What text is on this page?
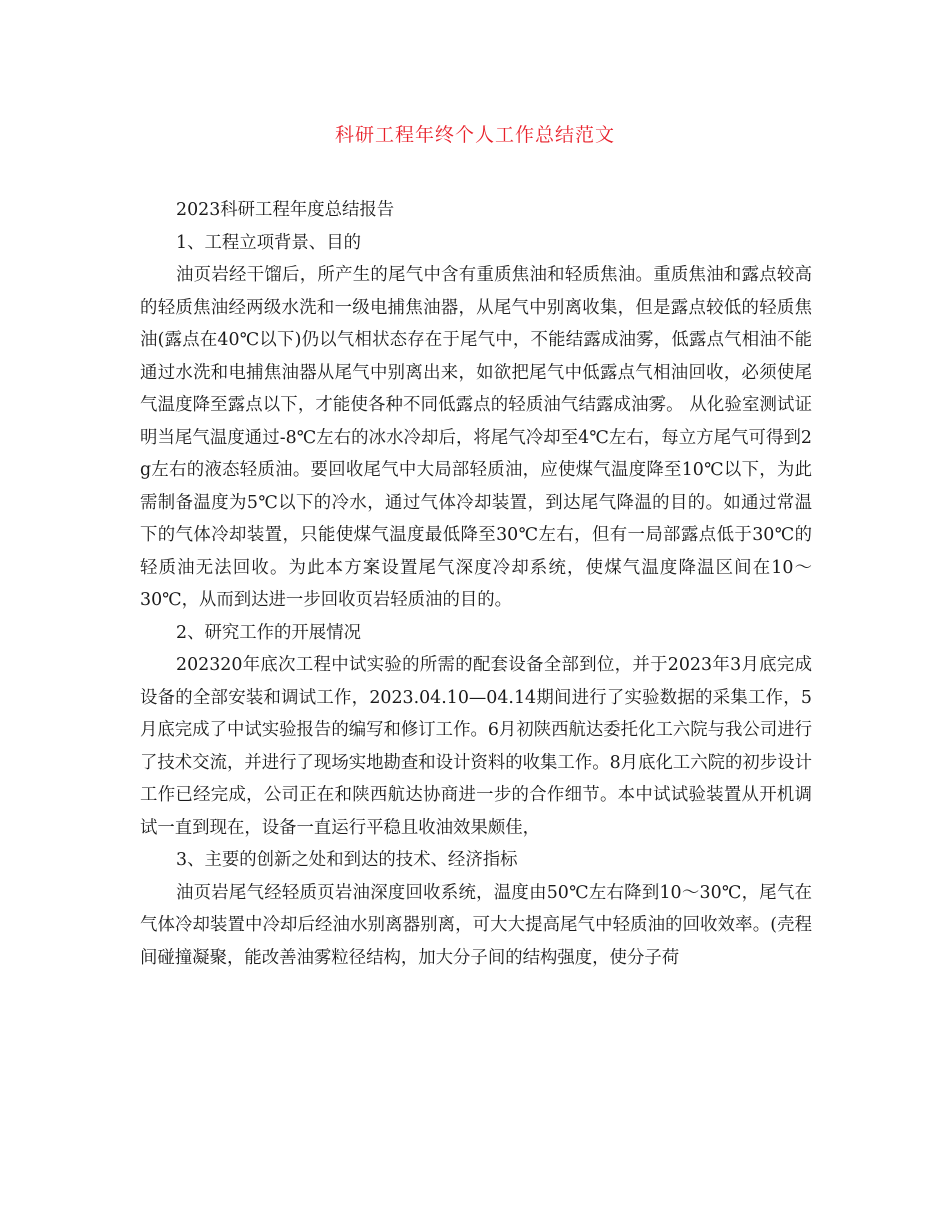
科研工程年终个人工作总结范文

2023科研工程年度总结报告

1、工程立项背景、目的

油页岩经干馏后，所产生的尾气中含有重质焦油和轻质焦油。重质焦油和露点较高的轻质焦油经两级水洗和一级电捕焦油器，从尾气中别离收集，但是露点较低的轻质焦油(露点在40℃以下)仍以气相状态存在于尾气中，不能结露成油雾，低露点气相油不能通过水洗和电捕焦油器从尾气中别离出来，如欲把尾气中低露点气相油回收，必须使尾气温度降至露点以下，才能使各种不同低露点的轻质油气结露成油雾。 从化验室测试证明当尾气温度通过-8℃左右的冰水冷却后，将尾气冷却至4℃左右，每立方尾气可得到2 g左右的液态轻质油。要回收尾气中大局部轻质油，应使煤气温度降至10℃以下，为此需制备温度为5℃以下的冷水，通过气体冷却装置，到达尾气降温的目的。如通过常温下的气体冷却装置，只能使煤气温度最低降至30℃左右，但有一局部露点低于30℃的轻质油无法回收。为此本方案设置尾气深度冷却系统，使煤气温度降温区间在10～30℃，从而到达进一步回收页岩轻质油的目的。

2、研究工作的开展情况

202320年底次工程中试实验的所需的配套设备全部到位，并于2023年3月底完成设备的全部安装和调试工作，2023.04.10—04.14期间进行了实验数据的采集工作，5月底完成了中试实验报告的编写和修订工作。6月初陕西航达委托化工六院与我公司进行了技术交流，并进行了现场实地勘查和设计资料的收集工作。8月底化工六院的初步设计工作已经完成，公司正在和陕西航达协商进一步的合作细节。本中试试验装置从开机调试一直到现在，设备一直运行平稳且收油效果颇佳，

3、主要的创新之处和到达的技术、经济指标

油页岩尾气经轻质页岩油深度回收系统，温度由50℃左右降到10～30℃，尾气在气体冷却装置中冷却后经油水别离器别离，可大大提高尾气中轻质油的回收效率。(壳程间碰撞凝聚，能改善油雾粒径结构，加大分子间的结构强度，使分子荷
